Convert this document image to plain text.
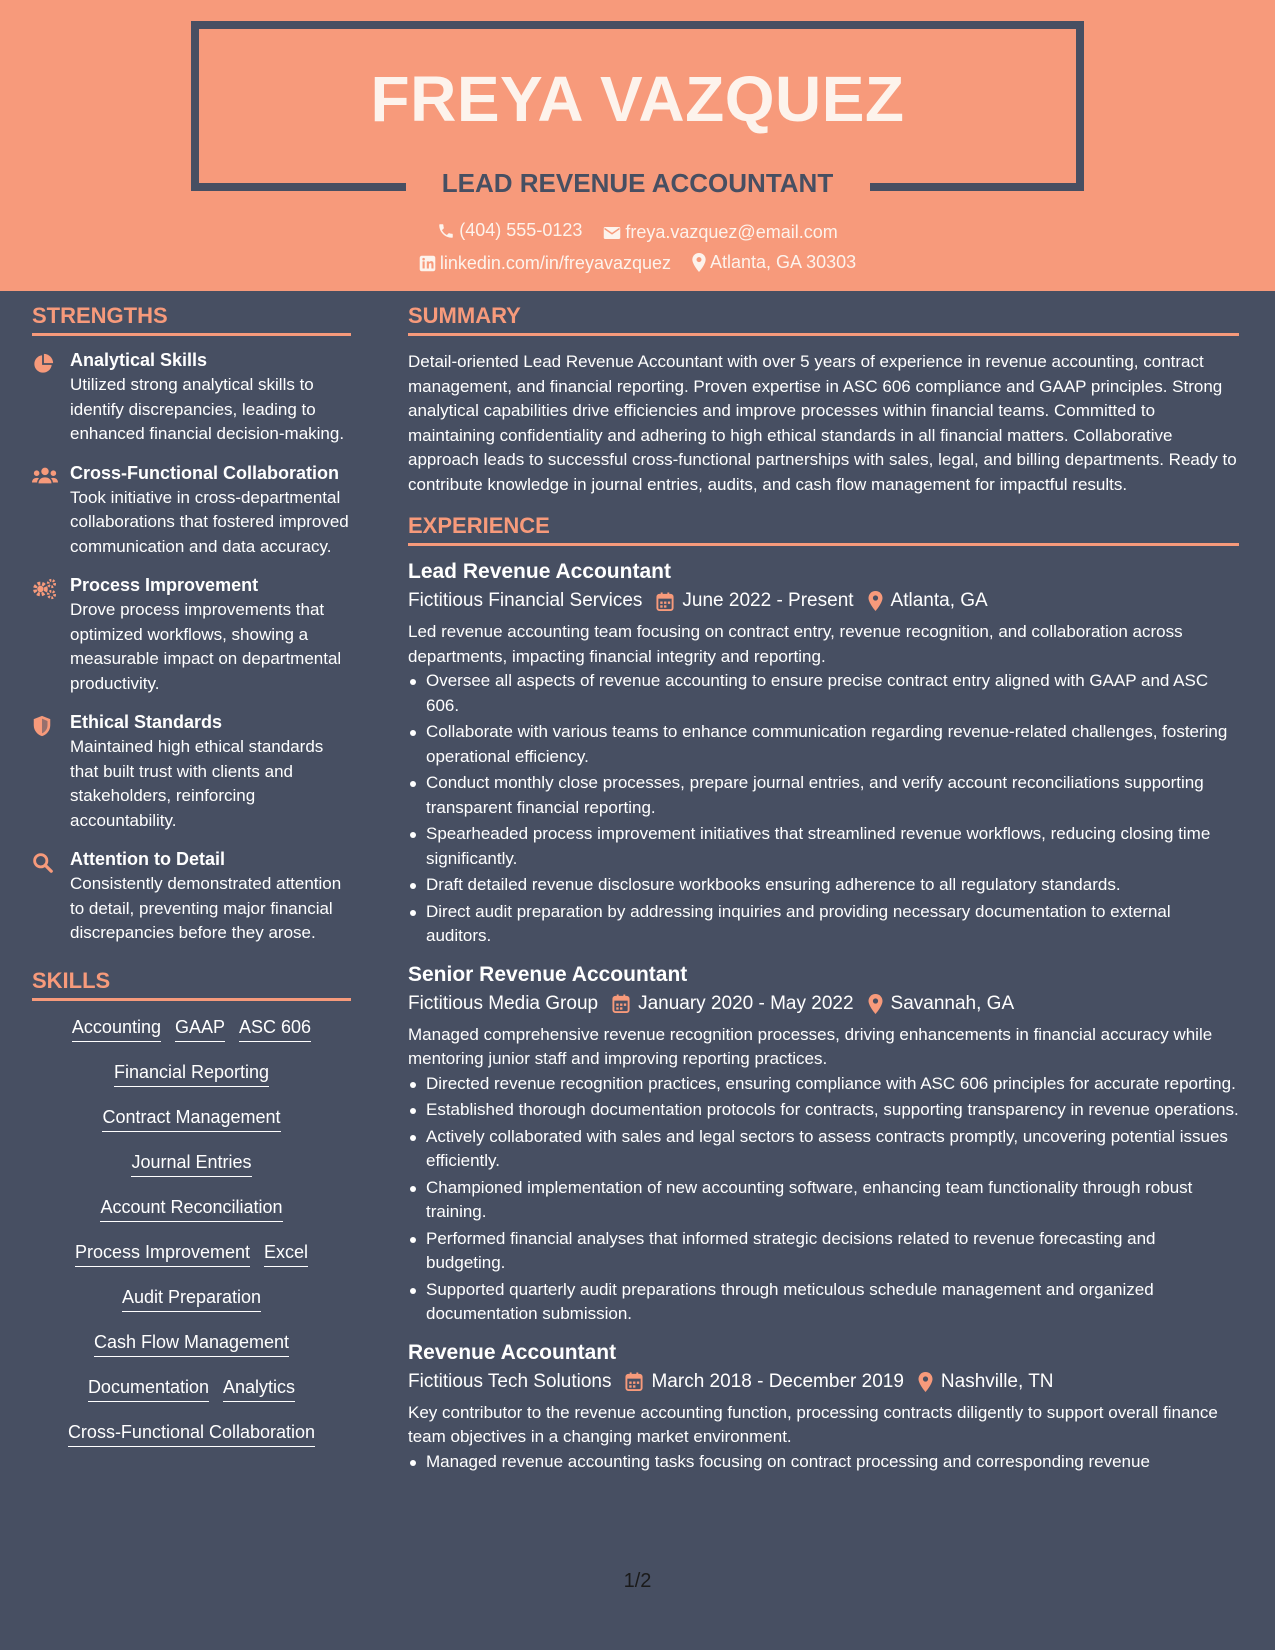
FREYA VAZQUEZ
LEAD REVENUE ACCOUNTANT
(404) 555-0123
freya.vazquez@email.com
linkedin.com/in/freyavazquez
Atlanta, GA 30303
STRENGTHS
Analytical Skills
Utilized strong analytical skills to identify discrepancies, leading to enhanced financial decision-making.
Cross-Functional Collaboration
Took initiative in cross-departmental collaborations that fostered improved communication and data accuracy.
Process Improvement
Drove process improvements that optimized workflows, showing a measurable impact on departmental productivity.
Ethical Standards
Maintained high ethical standards that built trust with clients and stakeholders, reinforcing accountability.
Attention to Detail
Consistently demonstrated attention to detail, preventing major financial discrepancies before they arose.
SKILLS
Accounting GAAP ASC 606
Financial Reporting
Contract Management
Journal Entries
Account Reconciliation
Process Improvement Excel
Audit Preparation
Cash Flow Management
Documentation Analytics
Cross-Functional Collaboration
SUMMARY
Detail-oriented Lead Revenue Accountant with over 5 years of experience in revenue accounting, contract management, and financial reporting. Proven expertise in ASC 606 compliance and GAAP principles. Strong analytical capabilities drive efficiencies and improve processes within financial teams. Committed to maintaining confidentiality and adhering to high ethical standards in all financial matters. Collaborative approach leads to successful cross-functional partnerships with sales, legal, and billing departments. Ready to contribute knowledge in journal entries, audits, and cash flow management for impactful results.
EXPERIENCE
Lead Revenue Accountant
Fictitious Financial Services June 2022 - Present Atlanta, GA
Led revenue accounting team focusing on contract entry, revenue recognition, and collaboration across departments, impacting financial integrity and reporting.
Oversee all aspects of revenue accounting to ensure precise contract entry aligned with GAAP and ASC 606.
Collaborate with various teams to enhance communication regarding revenue-related challenges, fostering operational efficiency.
Conduct monthly close processes, prepare journal entries, and verify account reconciliations supporting transparent financial reporting.
Spearheaded process improvement initiatives that streamlined revenue workflows, reducing closing time significantly.
Draft detailed revenue disclosure workbooks ensuring adherence to all regulatory standards.
Direct audit preparation by addressing inquiries and providing necessary documentation to external auditors.
Senior Revenue Accountant
Fictitious Media Group January 2020 - May 2022 Savannah, GA
Managed comprehensive revenue recognition processes, driving enhancements in financial accuracy while mentoring junior staff and improving reporting practices.
Directed revenue recognition practices, ensuring compliance with ASC 606 principles for accurate reporting.
Established thorough documentation protocols for contracts, supporting transparency in revenue operations.
Actively collaborated with sales and legal sectors to assess contracts promptly, uncovering potential issues efficiently.
Championed implementation of new accounting software, enhancing team functionality through robust training.
Performed financial analyses that informed strategic decisions related to revenue forecasting and budgeting.
Supported quarterly audit preparations through meticulous schedule management and organized documentation submission.
Revenue Accountant
Fictitious Tech Solutions March 2018 - December 2019 Nashville, TN
Key contributor to the revenue accounting function, processing contracts diligently to support overall finance team objectives in a changing market environment.
Managed revenue accounting tasks focusing on contract processing and corresponding revenue
1/2
